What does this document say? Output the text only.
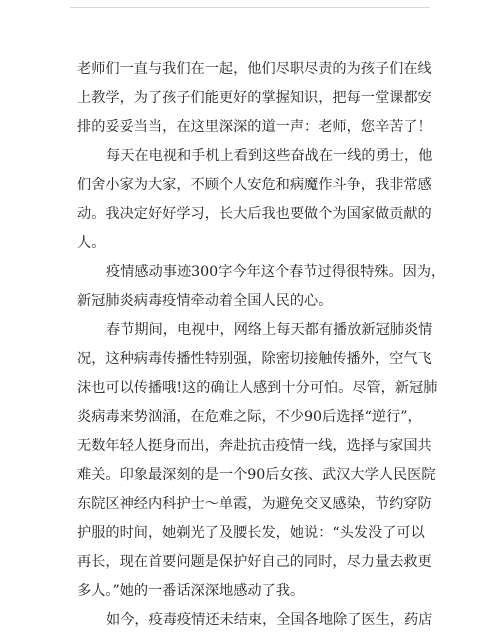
老师们一直与我们在一起，他们尽职尽责的为孩子们在线
上教学，为了孩子们能更好的掌握知识，把每一堂课都安
排的妥妥当当，在这里深深的道一声：老师，您辛苦了！

每天在电视和手机上看到这些奋战在一线的勇士，他
们舍小家为大家，不顾个人安危和病魔作斗争，我非常感
动。我决定好好学习，长大后我也要做个为国家做贡献的
人。

疫情感动事迹300字今年这个春节过得很特殊。因为，
新冠肺炎病毒疫情牵动着全国人民的心。

春节期间，电视中，网络上每天都有播放新冠肺炎情
况，这种病毒传播性特别强，除密切接触传播外，空气飞
沫也可以传播哦!这的确让人感到十分可怕。尽管，新冠肺
炎病毒来势汹涌，在危难之际，不少90后选择“逆行”，
无数年轻人挺身而出，奔赴抗击疫情一线，选择与家国共
难关。印象最深刻的是一个90后女孩、武汉大学人民医院
东院区神经内科护士～单霞，为避免交叉感染，节约穿防
护服的时间，她剃光了及腰长发，她说：“头发没了可以
再长，现在首要问题是保护好自己的同时，尽力量去救更
多人。”她的一番话深深地感动了我。

如今，疫毒疫情还未结束，全国各地除了医生，药店
